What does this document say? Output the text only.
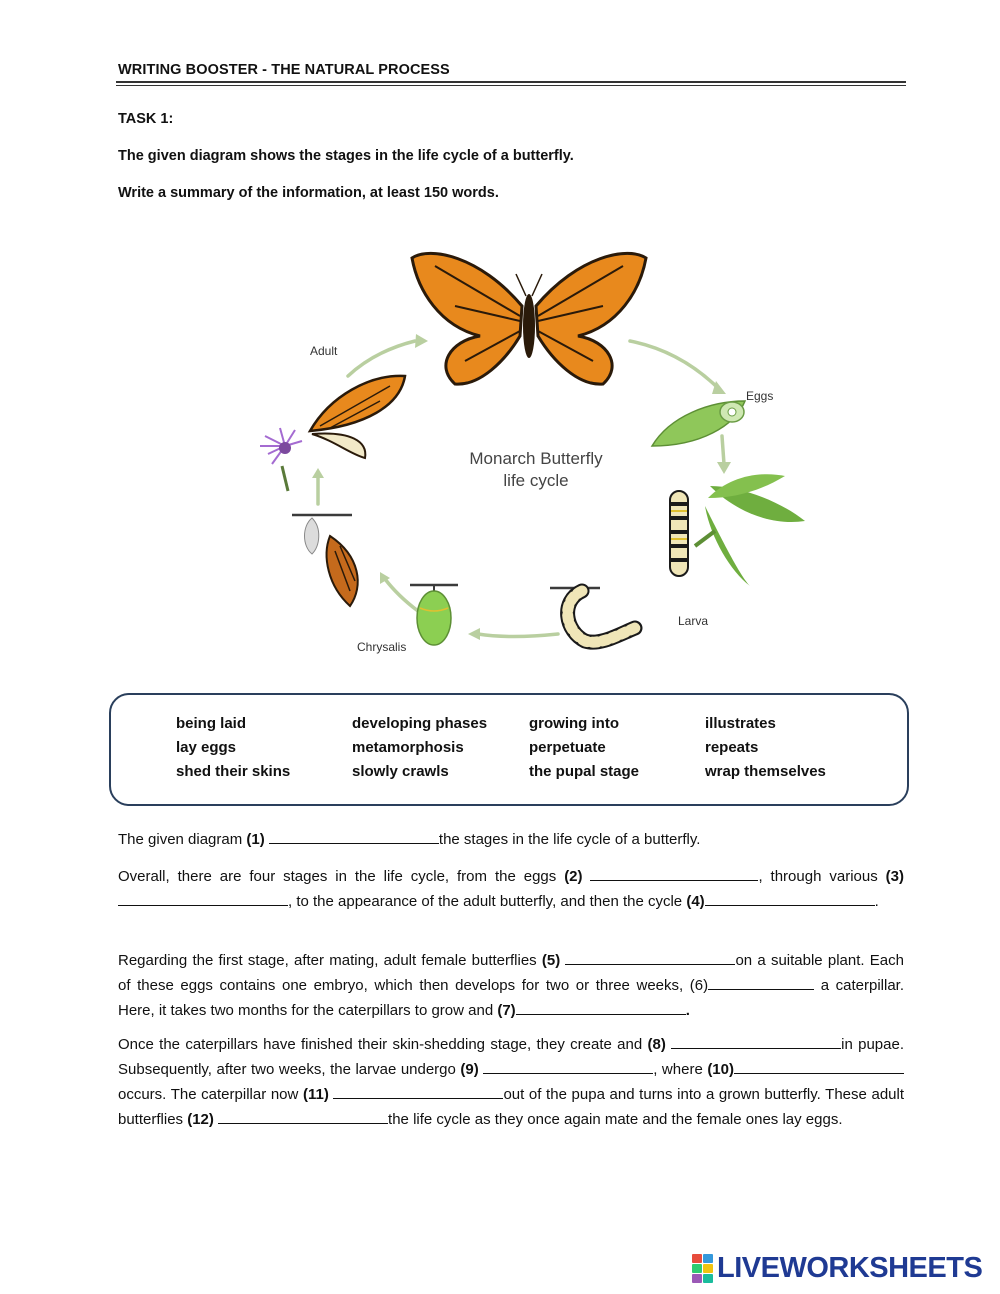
WRITING BOOSTER - THE NATURAL PROCESS
TASK 1:
The given diagram shows the stages in the life cycle of a butterfly.
Write a summary of the information, at least 150 words.
Monarch Butterfly
life cycle
Adult
Eggs
Larva
Chrysalis
being laid	developing phases	growing into	illustrates
lay eggs	metamorphosis	perpetuate	repeats
shed their skins	slowly crawls	the pupal stage	wrap themselves
The given diagram (1)	the stages in the life cycle of a butterfly.
Overall, there are four stages in the life cycle, from the eggs (2)	, through various (3), to the appearance of the adult butterfly, and then the cycle (4)	.
Regarding the first stage, after mating, adult female butterflies (5)	on a suitable plant. Each of these eggs contains one embryo, which then develops for two or three weeks, (6)	a caterpillar. Here, it takes two months for the caterpillars to grow and (7)	.
Once the caterpillars have finished their skin-shedding stage, they create and (8)	in pupae. Subsequently, after two weeks, the larvae undergo (9)	, where (10)occurs. The caterpillar now (11)	out of the pupa and turns into a grown butterfly. These adult butterflies (12)	the life cycle as they once again mate and the female ones lay eggs.
LIVEWORKSHEETS
